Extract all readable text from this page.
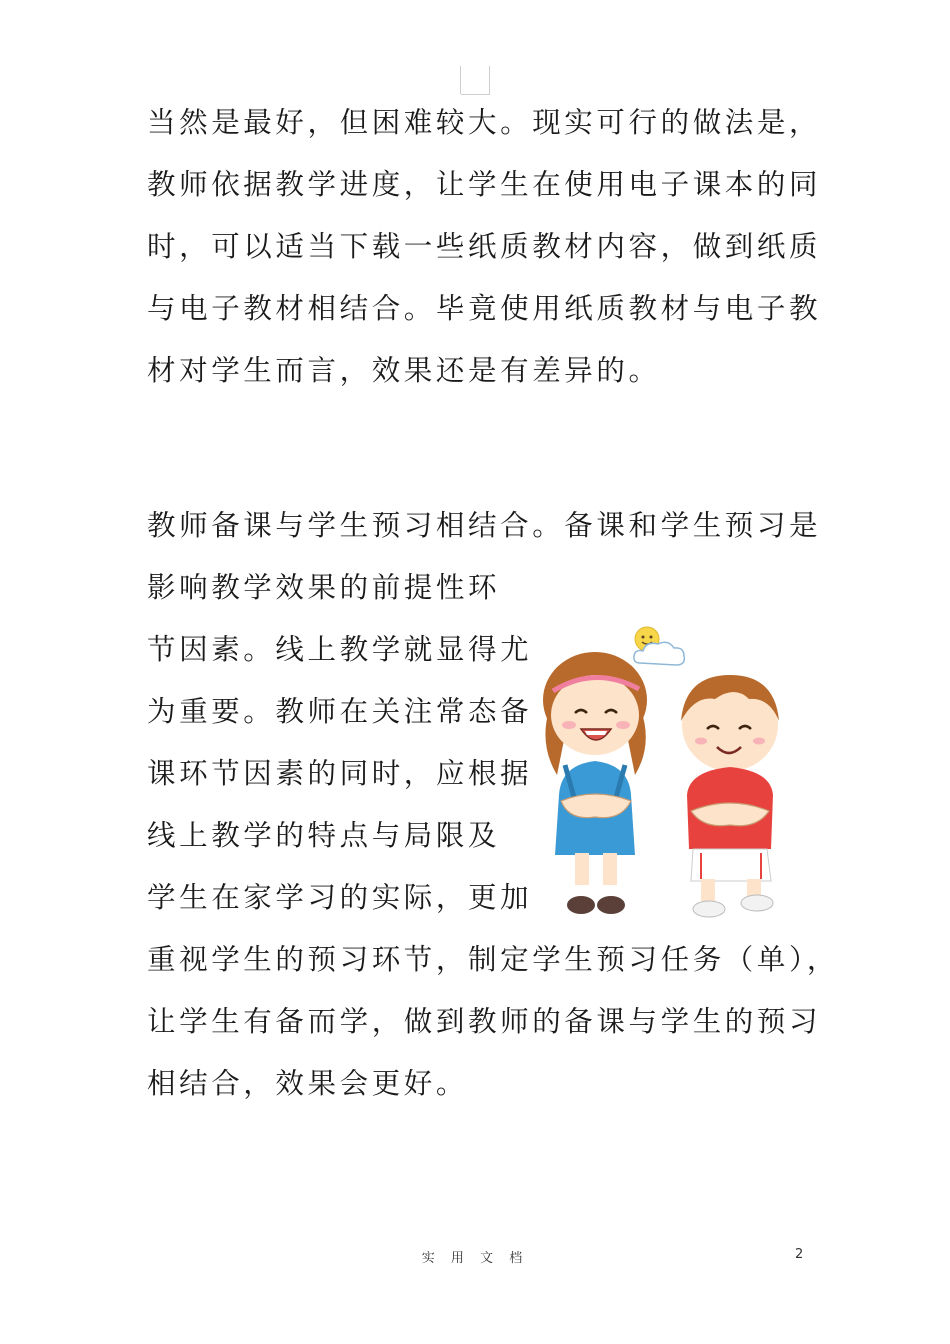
当然是最好，但困难较大。现实可行的做法是，
教师依据教学进度，让学生在使用电子课本的同
时，可以适当下载一些纸质教材内容，做到纸质
与电子教材相结合。毕竟使用纸质教材与电子教
材对学生而言，效果还是有差异的。
教师备课与学生预习相结合。备课和学生预习是
影响教学效果的前提性环
节因素。线上教学就显得尤
为重要。教师在关注常态备
课环节因素的同时，应根据
线上教学的特点与局限及
学生在家学习的实际，更加
重视学生的预习环节，制定学生预习任务（单），
让学生有备而学，做到教师的备课与学生的预习
相结合，效果会更好。
实 用 文 档	2
